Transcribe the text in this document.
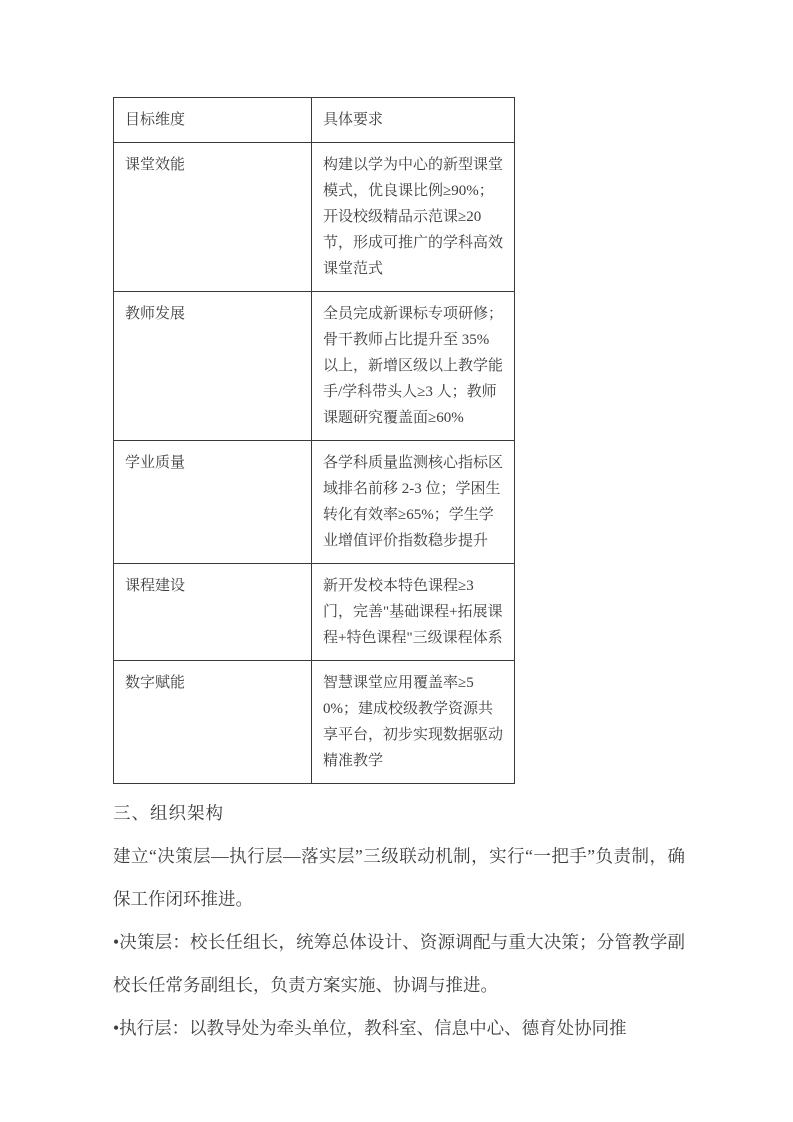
目标维度	具体要求
课堂效能	构建以学为中心的新型课堂模式，优良课比例≥90%；开设校级精品示范课≥20 节，形成可推广的学科高效课堂范式
教师发展	全员完成新课标专项研修；骨干教师占比提升至 35%以上，新增区级以上教学能手/学科带头人≥3 人；教师课题研究覆盖面≥60%
学业质量	各学科质量监测核心指标区域排名前移 2-3 位；学困生转化有效率≥65%；学生学业增值评价指数稳步提升
课程建设	新开发校本特色课程≥3 门，完善"基础课程+拓展课程+特色课程"三级课程体系
数字赋能	智慧课堂应用覆盖率≥50%；建成校级教学资源共享平台，初步实现数据驱动精准教学

三、组织架构

建立“决策层—执行层—落实层”三级联动机制，实行“一把手”负责制，确保工作闭环推进。

•决策层：校长任组长，统筹总体设计、资源调配与重大决策；分管教学副校长任常务副组长，负责方案实施、协调与推进。

•执行层：以教导处为牵头单位，教科室、信息中心、德育处协同推
